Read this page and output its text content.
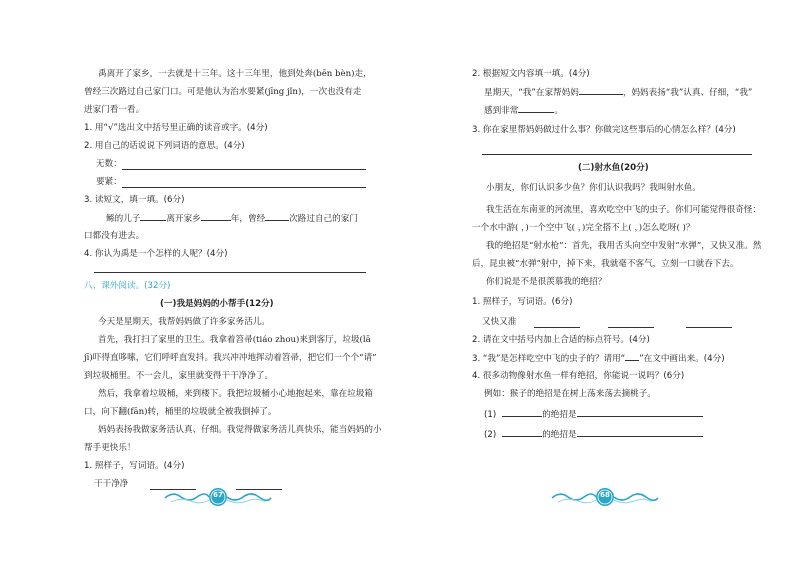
禹离开了家乡，一去就是十三年。这十三年里，他到处奔(bēn bèn)走，
曾经三次路过自己家门口。可是他认为治水要紧(jīng jǐn)，一次也没有走
进家门看一看。
1. 用“√”选出文中括号里正确的读音或字。(4分)
2. 用自己的话说说下列词语的意思。(4分)
无数：
要紧：
3. 读短文，填一填。(6分)
鲧的儿子	离开家乡	年，曾经	次路过自己的家门
口都没有进去。
4. 你认为禹是一个怎样的人呢？(4分)
八、课外阅读。(32分)
(一)我是妈妈的小帮手(12分)
今天是星期天，我帮妈妈做了许多家务活儿。
首先，我打扫了家里的卫生。我拿着笤帚(tiáo zhou)来到客厅，垃圾(lā
jī)吓得直哆嗦，它们呼呼直发抖。我兴冲冲地挥动着笤帚，把它们一个个“请”
到垃圾桶里。不一会儿，家里就变得干干净净了。
然后，我拿着垃圾桶，来到楼下。我把垃圾桶小心地抱起来，靠在垃圾箱
口，向下翻(fān)转，桶里的垃圾就全被我倒掉了。
妈妈表扬我做家务活认真、仔细。我觉得做家务活儿真快乐，能当妈妈的小
帮手更快乐！
1. 照样子，写词语。(4分)
干干净净
67
2. 根据短文内容填一填。(4分)
星期天，“我”在家帮妈妈	，妈妈表扬“我”认真、仔细，“我”
感到非常	。
3. 你在家里帮妈妈做过什么事？你做完这些事后的心情怎么样？(4分)
(二)射水鱼(20分)
小朋友，你们认识多少鱼？你们认识我吗？我叫射水鱼。
我生活在东南亚的河流里，喜欢吃空中飞的虫子。你们可能觉得很奇怪：
一个水中游( ，)一个空中飞( ，)完全搭不上( ，)怎么吃呀( )？
我的绝招是“射水枪”：首先，我用舌头向空中发射“水弹”，又快又准。然
后，昆虫被“水弹”射中，掉下来，我就毫不客气，立刻一口就吞下去。
你们说是不是很羡慕我的绝招？
1. 照样子，写词语。(6分)
又快又准
2. 请在文中括号内加上合适的标点符号。(4分)
3. “我”是怎样吃空中飞的虫子的？请用“ ”在文中画出来。(4分)
4. 很多动物像射水鱼一样有绝招，你能说一说吗？(6分)
例如：猴子的绝招是在树上荡来荡去摘桃子。
(1)	的绝招是
(2)	的绝招是
68
